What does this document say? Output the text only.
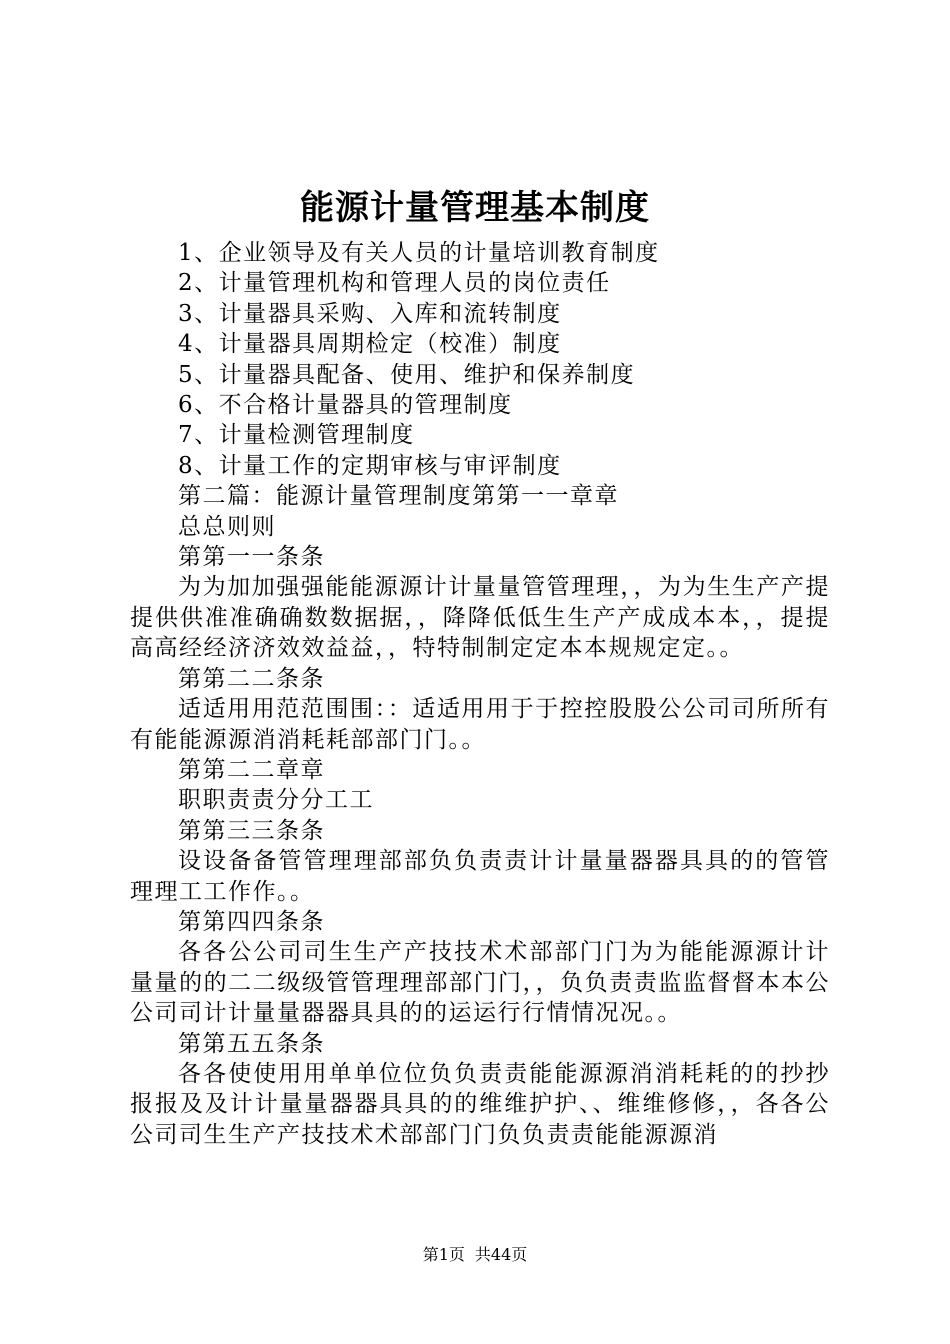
能源计量管理基本制度

1、企业领导及有关人员的计量培训教育制度

2、计量管理机构和管理人员的岗位责任

3、计量器具采购、入库和流转制度

4、计量器具周期检定（校准）制度

5、计量器具配备、使用、维护和保养制度

6、不合格计量器具的管理制度

7、计量检测管理制度

8、计量工作的定期审核与审评制度

第二篇：能源计量管理制度第第一一章章

总总则则

第第一一条条

为为加加强强能能源源计计量量管管理理，，为为生生产产提提供供准准确确数数据据，，降降低低生生产产成成本本，，提提高高经经济济效效益益，，特特制制定定本本规规定定。。

第第二二条条

适适用用范范围围：：适适用用于于控控股股公公司司所所有有能能源源消消耗耗部部门门。。

第第二二章章

职职责责分分工工

第第三三条条

设设备备管管理理部部负负责责计计量量器器具具的的管管理理工工作作。。

第第四四条条

各各公公司司生生产产技技术术部部门门为为能能源源计计量量的的二二级级管管理理部部门门，，负负责责监监督督本本公公司司计计量量器器具具的的运运行行情情况况。。

第第五五条条

各各使使用用单单位位负负责责能能源源消消耗耗的的抄抄报报及及计计量量器器具具的的维维护护、、维维修修，，各各公公司司生生产产技技术术部部门门负负责责能能源源消

第1页 共44页
